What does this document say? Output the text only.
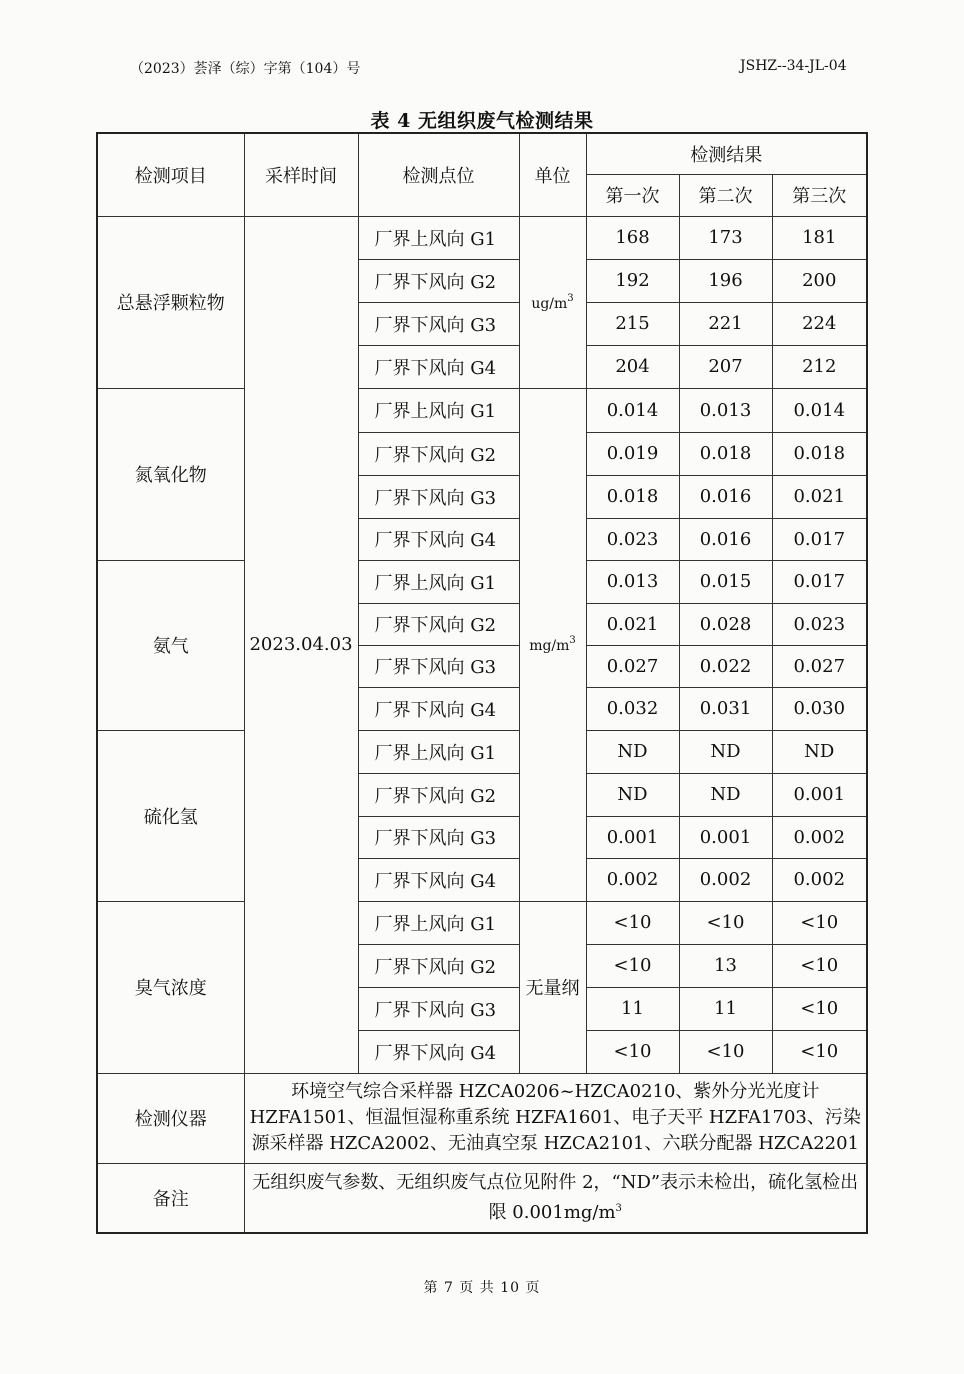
（2023）荟泽（综）字第（104）号	JSHZ--34-JL-04
表 4 无组织废气检测结果
检测项目	采样时间	检测点位	单位	检测结果		
				第一次	第二次	第三次
总悬浮颗粒物	2023.04.03	厂界上风向 G1	$ug/m^3$	168	173	181
		厂界下风向 G2		192	196	200
		厂界下风向 G3		215	221	224
		厂界下风向 G4		204	207	212
氮氧化物		厂界上风向 G1	$mg/m^3$	0.014	0.013	0.014
		厂界下风向 G2		0.019	0.018	0.018
		厂界下风向 G3		0.018	0.016	0.021
		厂界下风向 G4		0.023	0.016	0.017
氨气		厂界上风向 G1		0.013	0.015	0.017
		厂界下风向 G2		0.021	0.028	0.023
		厂界下风向 G3		0.027	0.022	0.027
		厂界下风向 G4		0.032	0.031	0.030
硫化氢		厂界上风向 G1		ND	ND	ND
		厂界下风向 G2		ND	ND	0.001
		厂界下风向 G3		0.001	0.001	0.002
		厂界下风向 G4		0.002	0.002	0.002
臭气浓度		厂界上风向 G1	无量纲	<10	<10	<10
		厂界下风向 G2		<10	13	<10
		厂界下风向 G3		11	11	<10
		厂界下风向 G4		<10	<10	<10
检测仪器	环境空气综合采样器 HZCA0206~HZCA0210、紫外分光光度计 HZFA1501、恒温恒湿称重系统 HZFA1601、电子天平 HZFA1703、污染源采样器 HZCA2002、无油真空泵 HZCA2101、六联分配器 HZCA2201					
备注	无组织废气参数、无组织废气点位见附件 2，“ND”表示未检出，硫化氢检出限 $0.001mg/m^3$
第 7 页 共 10 页
